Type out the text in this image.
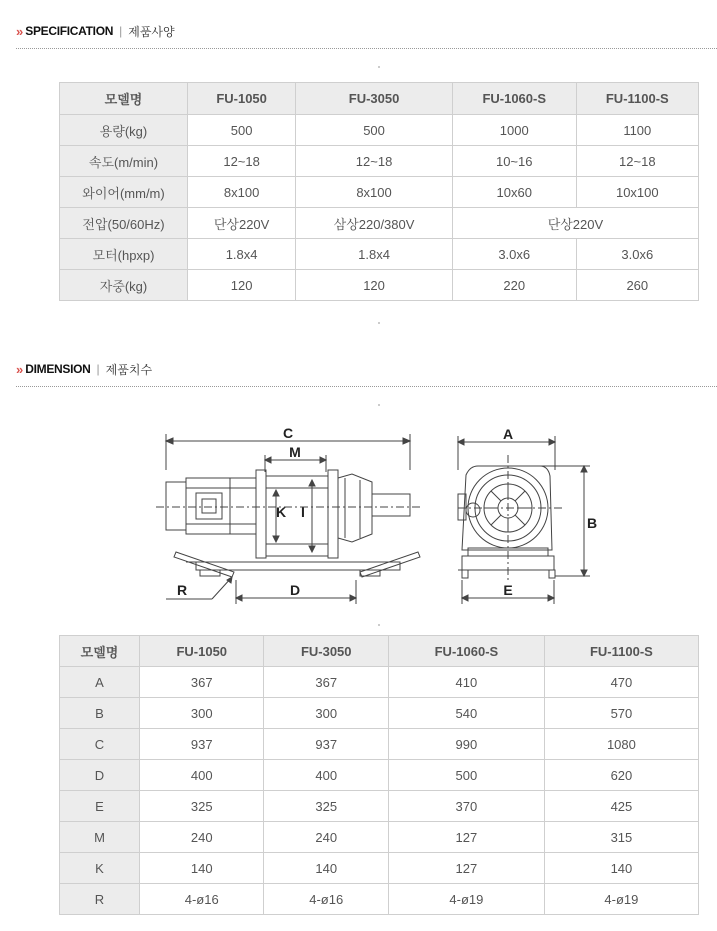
» SPECIFICATION | 제품사양
모델명	FU-1050	FU-3050	FU-1060-S	FU-1100-S
용량(kg)	500	500	1000	1100
속도(m/min)	12~18	12~18	10~16	12~18
와이어(mm/m)	8x100	8x100	10x60	10x100
전압(50/60Hz)	단상220V	삼상220/380V	단상220V	
모터(hpxp)	1.8x4	1.8x4	3.0x6	3.0x6
자중(kg)	120	120	220	260
» DIMENSION | 제품치수
C
M
K I
R	D
A
B
E
모델명	FU-1050	FU-3050	FU-1060-S	FU-1100-S
A	367	367	410	470
B	300	300	540	570
C	937	937	990	1080
D	400	400	500	620
E	325	325	370	425
M	240	240	127	315
K	140	140	127	140
R	4-ø16	4-ø16	4-ø19	4-ø19
